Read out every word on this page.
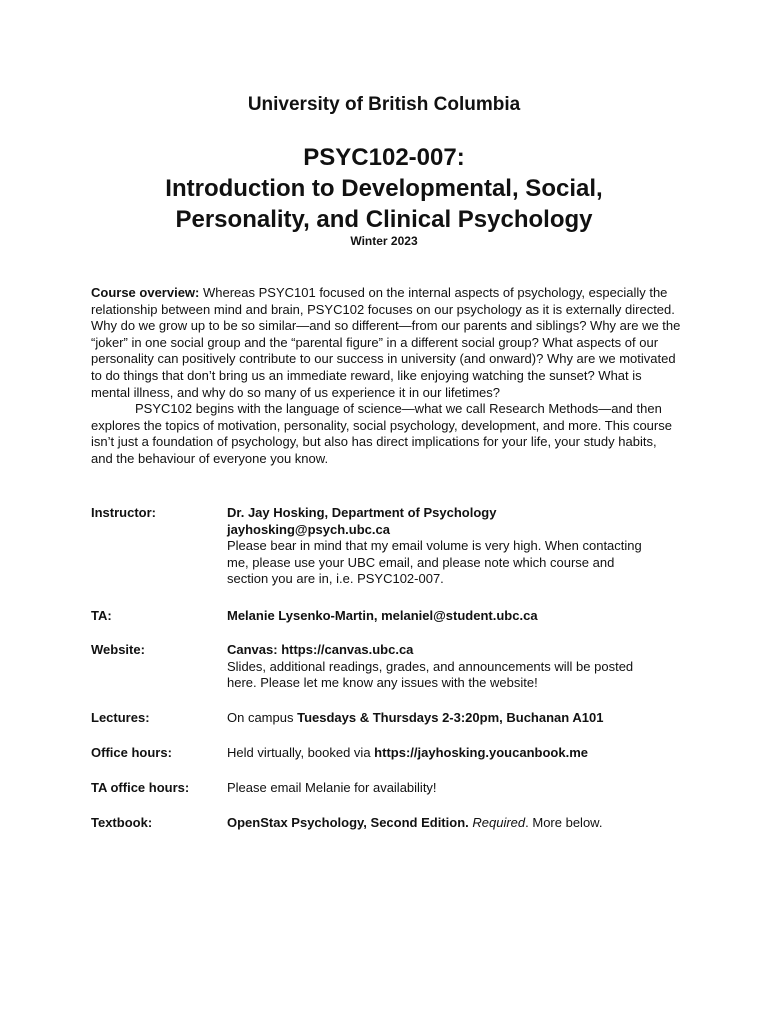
University of British Columbia
PSYC102-007:
Introduction to Developmental, Social,
Personality, and Clinical Psychology
Winter 2023

Course overview: Whereas PSYC101 focused on the internal aspects of psychology, especially the relationship between mind and brain, PSYC102 focuses on our psychology as it is externally directed. Why do we grow up to be so similar—and so different—from our parents and siblings? Why are we the “joker” in one social group and the “parental figure” in a different social group? What aspects of our personality can positively contribute to our success in university (and onward)? Why are we motivated to do things that don’t bring us an immediate reward, like enjoying watching the sunset? What is mental illness, and why do so many of us experience it in our lifetimes?

PSYC102 begins with the language of science—what we call Research Methods—and then explores the topics of motivation, personality, social psychology, development, and more. This course isn’t just a foundation of psychology, but also has direct implications for your life, your study habits, and the behaviour of everyone you know.

Instructor:	Dr. Jay Hosking, Department of Psychology
jayhosking@psych.ubc.ca
Please bear in mind that my email volume is very high. When contacting
me, please use your UBC email, and please note which course and
section you are in, i.e. PSYC102-007.
TA:	Melanie Lysenko-Martin, melaniel@student.ubc.ca
Website:	Canvas: https://canvas.ubc.ca
Slides, additional readings, grades, and announcements will be posted
here. Please let me know any issues with the website!
Lectures:	On campus Tuesdays & Thursdays 2-3:20pm, Buchanan A101
Office hours:	Held virtually, booked via https://jayhosking.youcanbook.me
TA office hours:	Please email Melanie for availability!
Textbook:	OpenStax Psychology, Second Edition. Required. More below.
